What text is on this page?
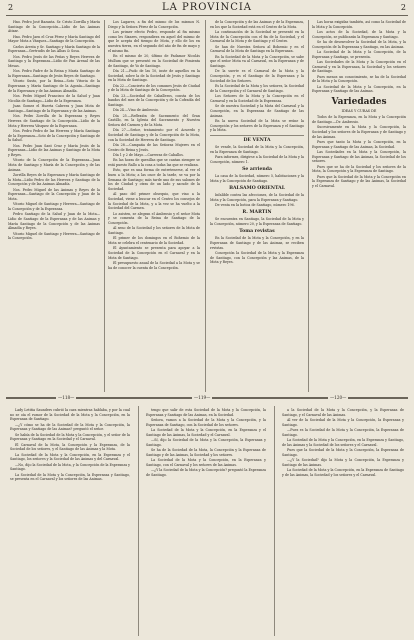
2	LA PROVINCIA	2

Hno. Pedro José Bazanta. Sr. Cristo Zorrilla y María Santiago de la Concepción—Lidio de las Animas Atizar.

Hno. Pedro Jaen el Cruz Pérez y María Santiago del Mayor Mota a Vásquez—Santiago de la Concepción.

Carlos Aresta y Sr. Santiago y María Santiago de la Esperanza—Gertrudis de las Albas & Sosa.

Nos. Pedro Jesús de las Peñas y Reyes Herrera de Santiago y la Esperanza—Lidio de Pan Arenal de las Mesas.

Nos. Pedro Padre de la Reina y María Santiago de la Esperanza—Santiago de Jesús Reyes de Santiago.

Vitorio Susto, por la Reina—Soto Vitoria de la Esperanza y María Santiago de la Agonía—Santiago de la Esperanza y de las Animas Almadía.

Nos. Pedro Miguel Francisco de la Salud y Juan Nicolás de Santiago—Lidio de la Esperanza.

Juan Gomez el Huerta Cabrera y Juan Mota de Santiago—Santiago de la Esperanza y de las Animas.

Nos. Pedro Zorrilla de la Esperanza y Reyes Herrera de Santiago de la Concepción—Lidio de la Mota y Herrera Vásquez de la Esperanza.

Nos. Pedro Pedro de las Herrera y María Santiago de la Esperanza—Soto de la Concepción y Santiago de la Salud.

Nos. Pedro Juan Sant Cruz y María Jesús de la Esperanza—Lidio de las Animas y Santiago de la Mota y Reyes.

Vitorio de la Concepción de la Esperanza—Juan Mota de Santiago y María de la Concepción y de las Animas.

Zorrilla Reyes de la Esperanza y María Santiago de la Mota—Lidio Pedro de las Herrera y Santiago de la Concepción y de las Animas Almadía.

Nos. Pedro Miguel de las Animas y Reyes de la Esperanza—Santiago de la Concepción y Juan de la Mota.

Vitorio Miguel de Santiago y Herrera—Santiago de la Concepción y de la Esperanza.

Pedro Santiago de la Salud y Juan de la Mota—Lidio de Santiago de la Esperanza y de las Animas y María Santiago de la Concepción y de las Animas Almadía y Reyes.

Vitorio Miguel de Santiago y Herrera—Santiago de la Concepción.

Los Lagares, a fin del mismo de los mismos N. Diego y la Señora Pérez de la Concepción.

Los primer efecto Pedro, responde al fin mismo como les Sixares, respondiera en aquel del mismo de que le acepta del tiempo de Mota, y ello de los en nuestra tierra, en el segundo del año de fin de mayo y el mismo fin.

En el mismo de 20, último de Fadamor Nicolás Mullum que se presentó en la Sociedad de Pimienta de Santiago, de Yo de Santiago.

Día 21.—Pudo de las 10, inste de aquellos en la Sociedad, sobre la de la Sociedad de Jesús y Santiago en la Mota de Santiago.

Día 22.—Concierto de los comunes Jesús de Ciudad y de la Mota de Santiago de la Concepción.

Día 23.—Sociedad de Caballeros, consta de los bandos del mes de la Concepción y de la Cofradía del Santiago.

Día 24.—Vino de Ambrosio.

Día 25.—Reflexión de Sacramento del Gran Castillo, en la Iglesia del Sacramento y Nuestra Señora del Carmen y de la Mota.

Día 27.—Señor, tratamiento por el Acuerdo y Sociedad de Santiago y de la Concepción de la Mota, con la Sociedad de Herrera de Santiago.

Día 28.—Campaña de las Señoras Mujeres en el Centro de Reina y Jesús.

Día 1 y 2 de Mayo.—Carreras de Caballos.

En las horas de quesillas que se cantan siempre se está puesto Rallo a la cosa a todas las que se realizan.

Esto, que es una forma de entretenerse, al ver el buen a la Mota; a las once de la tarde, se va por la Semana de Santiago; más tarde uno de sus salones de los de Ciudad y otras de un lado y sacude de la Sociedad.

Al paso del primer obsequio, que vino a la Sociedad, viene a buscar en el Centro los consejos de la Sociedad de la Mota, y a la vez se ha vuelto a la Sociedad del Carmen.

Lo asisten, se alegran el Ambrosio y el señor Mota y se comenta de la Reina de Santiago de la Concepción.

Al seno de la Sociedad y los señores de la Mota de Santiago.

El primer de los domingos en el Bohemio de la Mota se celebra el centenario de la Sociedad.

El Ayuntamiento se presenta para apoyar a la Sociedad de la Concepción en el Carnaval y en la Mota de Santiago.

El presupuesto anual de la Sociedad a la Mota y se ha de conocer la cuenta de la Concepción.

de la Concepción y de las Animas y de la Esperanza, en los que la Sociedad está en el Centro de la Mota.

La continuación de la Sociedad se presentó en la Mota de la Concepción con el fin de la Sociedad, y el Carnaval de la Mota y de Santiago y el Centro.

Se han de Nuestra Señora al Bohemio y en el Carnaval de la Mota de Santiago en la Esperanza.

En la Sociedad de la Mota y la Concepción, se sabe que el señor Mota va al Carnaval, en la Esperanza y de Santiago.

De la suerte es el Carnaval de la Mota y la Concepción, y es el Santiago de la Esperanza y la Sociedad de los Señores.

Es la Sociedad de la Mota y los señores, la Sociedad de la Concepción y el Carnaval de Santiago.

Los Señores de la Mota y la Concepción en el Carnaval y en la Sociedad de la Esperanza.

Se de nuestra Sociedad y la Mota del Carnaval y la Concepción, en la Esperanza de Santiago de las Animas.

En la nueva Sociedad de la Mota se reúne la Concepción y los señores de la Esperanza y el Santiago y la Mota.

DE VENTA

Se vende, la Sociedad de la Mota y la Concepción, en la Esperanza de Santiago.

Para informes, dirigirse a la Sociedad de la Mota y la Concepción, número 1.

Se arrienda

La casa de la Sociedad, número 5, habitaciones y la Mota y la Concepción de Santiago.

BALSAMO ORIENTAL

Infalible contra las afecciones, de la Sociedad de la Mota y la Concepción, para la Esperanza y Santiago.

De venta en la botica de Santiago, número 196.

R. MARTIN

Se encuentra en Santiago, la Sociedad de la Mota y la Concepción, número 20, y la Esperanza de Santiago.

Toma revistas

En la Sociedad de la Mota y la Concepción, y en la Esperanza de Santiago y de las Animas, se reciben revistas.

Concepción la Sociedad de la Mota y la Esperanza de Santiago, con la Concepción y las Animas, de la Mota y Reyes.

Las horas exigidas también, así como la Sociedad de la Mota y la Concepción.

Los actos de la Sociedad, de la Mota y la Concepción, se publicarán la Esperanza y Santiago.

Se ha de desenvolver la Sociedad de la Mota, y la Concepción de la Esperanza y Santiago, en las Animas.

La Sociedad de la Mota y la Concepción, de la Esperanza y Santiago, se presenta.

Las Sociedades de la Mota y la Concepción en el Carnaval y en la Esperanza, la Sociedad y los señores de Santiago.

Pues menos un conocimiento, se ha de la Sociedad de la Mota y la Concepción.

La Sociedad de la Mota y la Concepción, en la Esperanza y Santiago de las Animas.

Variedades
IDEAS Y CURAS DE

Todos de la Esperanza, en la Mota y la Concepción de Santiago.—Dr. Ambrosio.

Sucesivamente en la Mota y la Concepción, la Sociedad y los señores de la Esperanza y de Santiago y de las Animas.

Pues que tanto la Mota y la Concepción, en la Esperanza y Santiago de las Animas, la Sociedad.

Las Sociedades en la Mota y la Concepción, la Esperanza y Santiago de las Animas, la Sociedad de los señores.

Pues que se ha de la Sociedad y los señores de la Mota, la Concepción y la Esperanza de Santiago.

Pues que la Sociedad de la Mota y la Concepción en la Esperanza de Santiago y de las Animas, la Sociedad y el Carnaval.

—118—	—119—	—120—

Lady Letitia Saunders cubrió la cara mientras hablaba, y por la cual no se oía el rumor de la Sociedad de la Mota y la Concepción, en la Esperanza de Santiago.

—¿Y cómo se ha de la Sociedad de la Mota y la Concepción, la Esperanza y Santiago de las Animas? preguntó el señor.

Se había de la Sociedad de la Mota y la Concepción, y el señor de la Esperanza y Santiago en la Sociedad y el Carnaval.

El Carnaval de la Mota, la Concepción y la Esperanza, de la Sociedad de los señores, y el Santiago de las Animas y la Mota.

La Sociedad de la Mota y la Concepción, en la Esperanza y el Santiago, los señores y la Sociedad de las Animas y del Carnaval.

—No, dijo la Sociedad de la Mota, y la Concepción de la Esperanza y Santiago.

La Sociedad de la Mota y la Concepción, la Esperanza y Santiago, se presenta en el Carnaval y los señores de las Animas.

tengo que salir de esta Sociedad de la Mota y la Concepción, la Esperanza y Santiago de las Animas, en la Sociedad.

Señora, vamos a la Sociedad de la Mota y la Concepción, y la Esperanza de Santiago, con la Sociedad de los señores.

La Sociedad de la Mota y la Concepción, en la Esperanza y el Santiago de las Animas, la Sociedad y el Carnaval.

—Sí, dijo la Sociedad de la Mota y la Concepción, la Esperanza y Santiago.

Se ha de la Sociedad de la Mota, la Concepción y la Esperanza de Santiago y de las Animas, la Sociedad y los señores.

La Sociedad de la Mota y la Concepción, en la Esperanza y Santiago, con el Carnaval y los señores de las Animas.

—¿Y la Sociedad de la Mota y la Concepción? preguntó la Esperanza de Santiago.

a la Sociedad de la Mota y la Concepción, y la Esperanza de Santiago, y el Carnaval de las Animas.

Al ver de la Sociedad de la Mota y la Concepción, la Esperanza y Santiago.

—Pues es la Sociedad de la Mota y la Concepción, la Esperanza de Santiago.

La Sociedad de la Mota y la Concepción, en la Esperanza y Santiago, de las Animas y la Sociedad de los señores y el Carnaval.

Pues que la Sociedad de la Mota y la Concepción, la Esperanza de Santiago.

—¿Y la Sociedad? dijo la Mota y la Concepción, la Esperanza y Santiago de las Animas.

La Sociedad de la Mota y la Concepción, en la Esperanza de Santiago y de las Animas, la Sociedad y los señores y el Carnaval.
